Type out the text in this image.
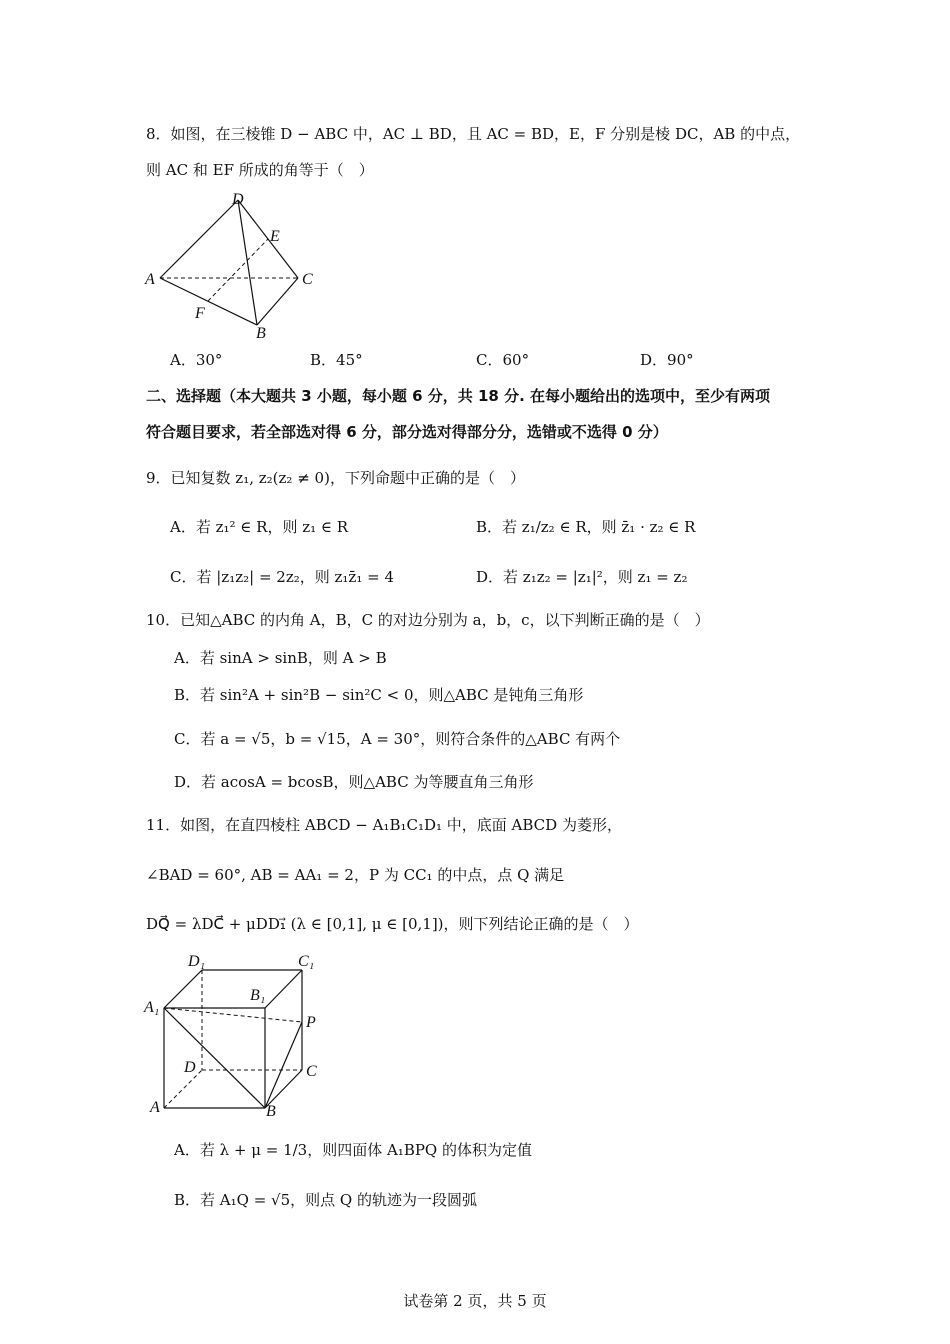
8．如图，在三棱锥 D − ABC 中，AC ⊥ BD，且 AC = BD，E，F 分别是棱 DC，AB 的中点，
则 AC 和 EF 所成的角等于（　）
D
E
A	C
F
B
A．30°	B．45°	C．60°	D．90°
二、选择题（本大题共 3 小题，每小题 6 分，共 18 分. 在每小题给出的选项中，至少有两项
符合题目要求，若全部选对得 6 分，部分选对得部分分，选错或不选得 0 分）
9．已知复数 z₁, z₂(z₂ ≠ 0)，下列命题中正确的是（　）
A．若 z₁² ∈ R，则 z₁ ∈ R	B．若 z₁/z₂ ∈ R，则 z̄₁ · z₂ ∈ R
C．若 |z₁z₂| = 2z₂，则 z₁z̄₁ = 4	D．若 z₁z₂ = |z₁|²，则 z₁ = z₂
10．已知△ABC 的内角 A，B，C 的对边分别为 a，b，c，以下判断正确的是（　）
A．若 sinA > sinB，则 A > B
B．若 sin²A + sin²B − sin²C < 0，则△ABC 是钝角三角形
C．若 a = √5，b = √15，A = 30°，则符合条件的△ABC 有两个
D．若 acosA = bcosB，则△ABC 为等腰直角三角形
11．如图，在直四棱柱 ABCD − A₁B₁C₁D₁ 中，底面 ABCD 为菱形，
∠BAD = 60°, AB = AA₁ = 2，P 为 CC₁ 的中点，点 Q 满足
DQ⃗ = λDC⃗ + μDD₁⃗ (λ ∈ [0,1], μ ∈ [0,1])，则下列结论正确的是（　）
D₁	C₁
A₁
B₁
P
D	C
A	B
A．若 λ + μ = 1/3，则四面体 A₁BPQ 的体积为定值
B．若 A₁Q = √5，则点 Q 的轨迹为一段圆弧
试卷第 2 页，共 5 页
